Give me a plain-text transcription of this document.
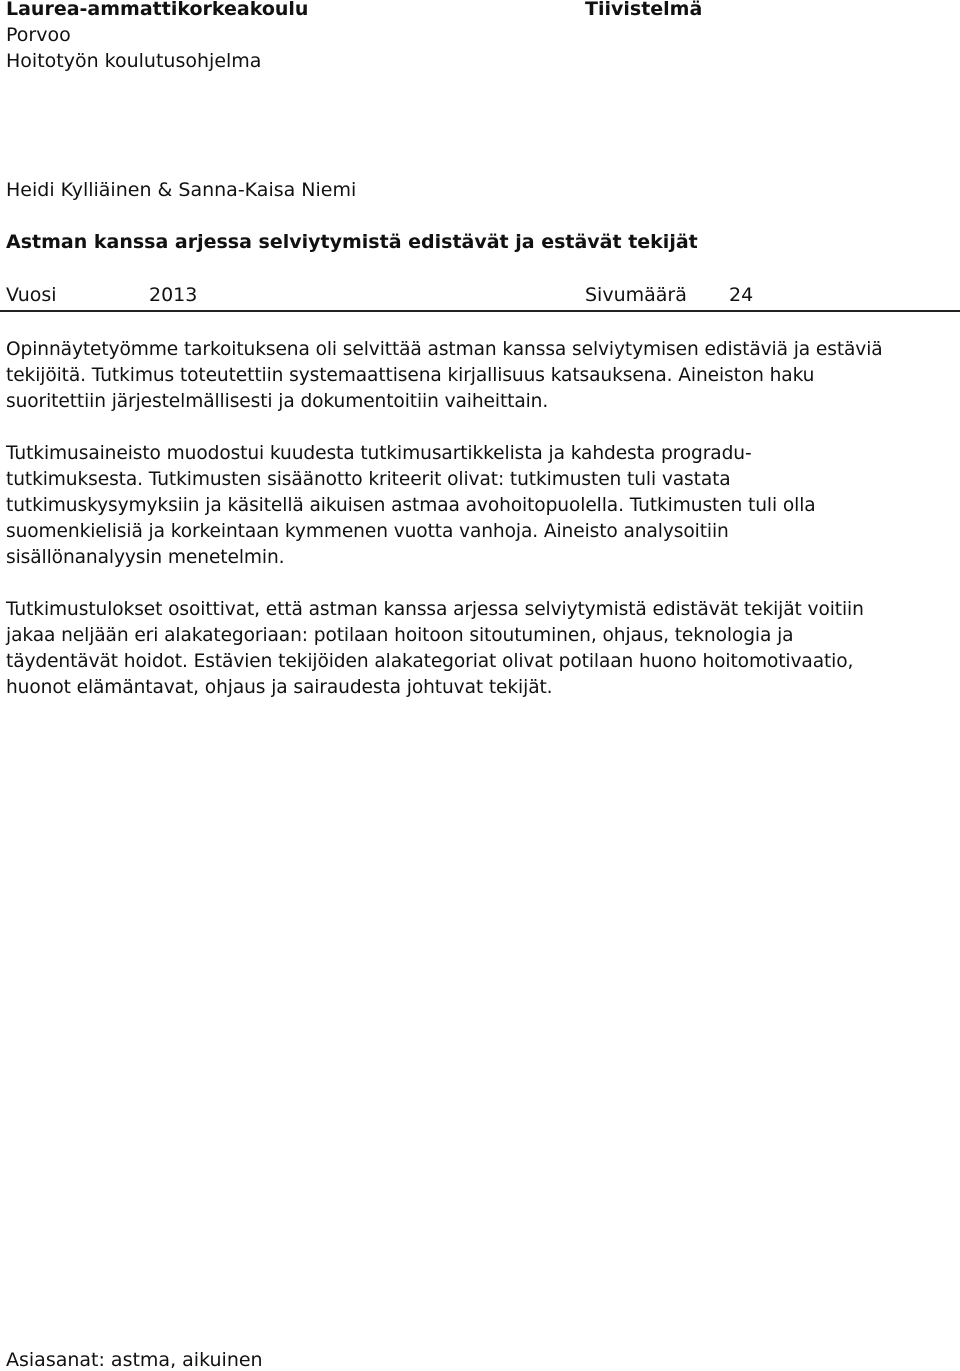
Laurea-ammattikorkeakoulu	Tiivistelmä
Porvoo
Hoitotyön koulutusohjelma
Heidi Kylliäinen & Sanna-Kaisa Niemi
Astman kanssa arjessa selviytymistä edistävät ja estävät tekijät
Vuosi	2013	Sivumäärä 24
Opinnäytetyömme tarkoituksena oli selvittää astman kanssa selviytymisen edistäviä ja estäviä
tekijöitä. Tutkimus toteutettiin systemaattisena kirjallisuus katsauksena. Aineiston haku
suoritettiin järjestelmällisesti ja dokumentoitiin vaiheittain.
Tutkimusaineisto muodostui kuudesta tutkimusartikkelista ja kahdesta progradu-
tutkimuksesta. Tutkimusten sisäänotto kriteerit olivat: tutkimusten tuli vastata
tutkimuskysymyksiin ja käsitellä aikuisen astmaa avohoitopuolella. Tutkimusten tuli olla
suomenkielisiä ja korkeintaan kymmenen vuotta vanhoja. Aineisto analysoitiin
sisällönanalyysin menetelmin.
Tutkimustulokset osoittivat, että astman kanssa arjessa selviytymistä edistävät tekijät voitiin
jakaa neljään eri alakategoriaan: potilaan hoitoon sitoutuminen, ohjaus, teknologia ja
täydentävät hoidot. Estävien tekijöiden alakategoriat olivat potilaan huono hoitomotivaatio,
huonot elämäntavat, ohjaus ja sairaudesta johtuvat tekijät.
Asiasanat: astma, aikuinen
